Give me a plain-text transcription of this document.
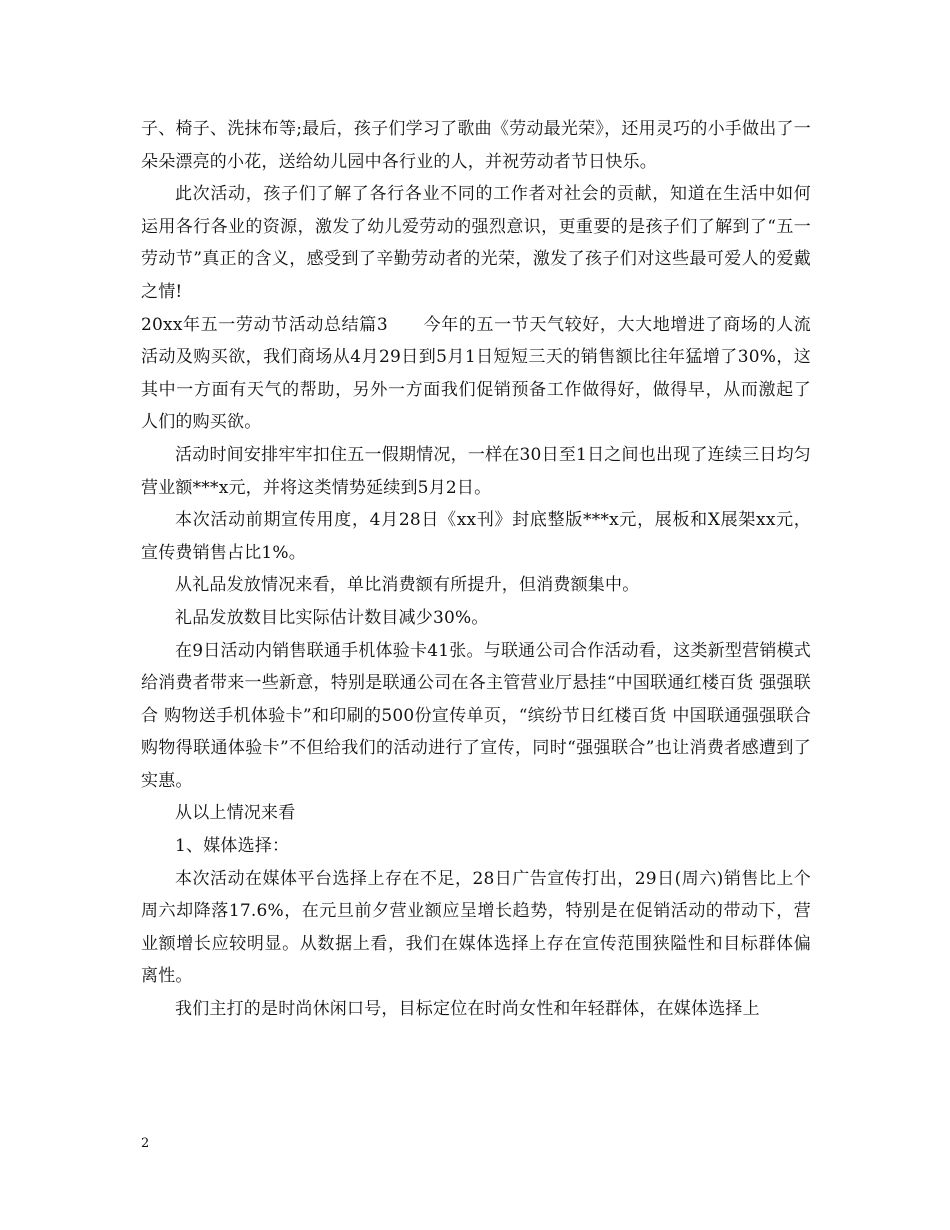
子、椅子、洗抹布等;最后，孩子们学习了歌曲《劳动最光荣》，还用灵巧的小手做出了一朵朵漂亮的小花，送给幼儿园中各行业的人，并祝劳动者节日快乐。

此次活动，孩子们了解了各行各业不同的工作者对社会的贡献，知道在生活中如何运用各行各业的资源，激发了幼儿爱劳动的强烈意识，更重要的是孩子们了解到了“五一劳动节”真正的含义，感受到了辛勤劳动者的光荣，激发了孩子们对这些最可爱人的爱戴之情!

20xx年五一劳动节活动总结篇3　　今年的五一节天气较好，大大地增进了商场的人流活动及购买欲，我们商场从4月29日到5月1日短短三天的销售额比往年猛增了30%，这其中一方面有天气的帮助，另外一方面我们促销预备工作做得好，做得早，从而激起了人们的购买欲。

活动时间安排牢牢扣住五一假期情况，一样在30日至1日之间也出现了连续三日均匀营业额***x元，并将这类情势延续到5月2日。

本次活动前期宣传用度，4月28日《xx刊》封底整版***x元，展板和X展架xx元，宣传费销售占比1%。

从礼品发放情况来看，单比消费额有所提升，但消费额集中。

礼品发放数目比实际估计数目减少30%。

在9日活动内销售联通手机体验卡41张。与联通公司合作活动看，这类新型营销模式给消费者带来一些新意，特别是联通公司在各主管营业厅悬挂“中国联通红楼百货 强强联合 购物送手机体验卡”和印刷的500份宣传单页，“缤纷节日红楼百货 中国联通强强联合 购物得联通体验卡”不但给我们的活动进行了宣传，同时“强强联合”也让消费者感遭到了实惠。

从以上情况来看

1、媒体选择：

本次活动在媒体平台选择上存在不足，28日广告宣传打出，29日(周六)销售比上个周六却降落17.6%，在元旦前夕营业额应呈增长趋势，特别是在促销活动的带动下，营业额增长应较明显。从数据上看，我们在媒体选择上存在宣传范围狭隘性和目标群体偏离性。

我们主打的是时尚休闲口号，目标定位在时尚女性和年轻群体，在媒体选择上

2
